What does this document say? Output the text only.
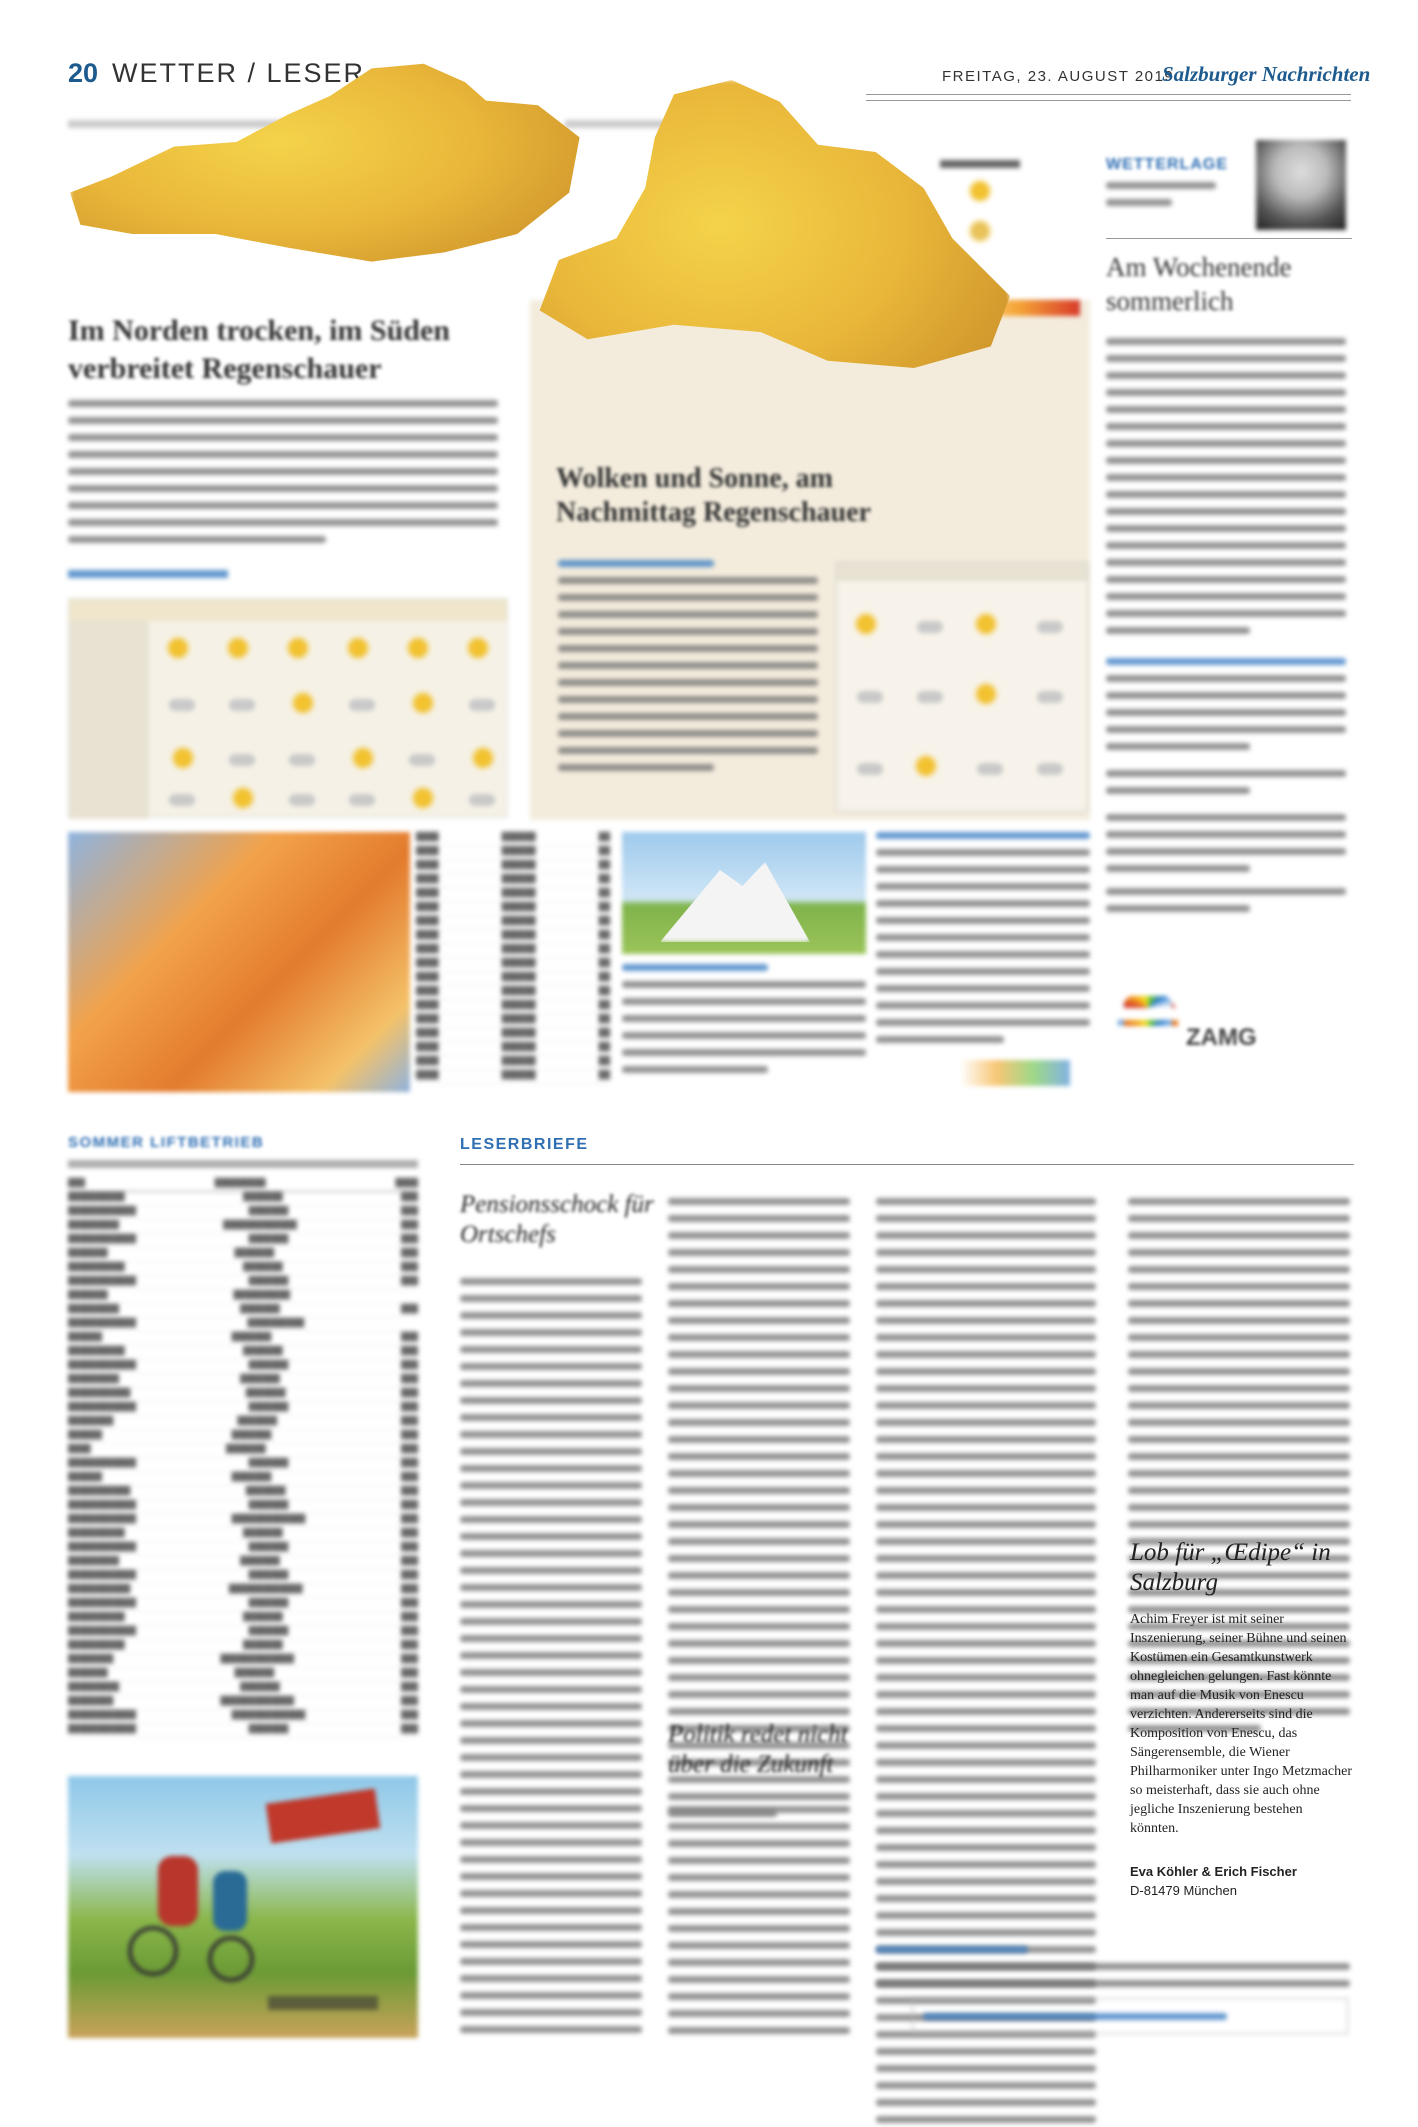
20 WETTER / LESER	FREITAG, 23. AUGUST 2019
Salzburger Nachrichten
Im Norden trocken, im Süden verbreitet Regenschauer
Wolken und Sonne, am Nachmittag Regenschauer
WETTERLAGE
Am Wochenende sommerlich
ZAMG
████	██████	██
████	██████	██
████	██████	██
████	██████	██
████	██████	██
████	██████	██
████	██████	██
████	██████	██
████	██████	██
████	██████	██
████	██████	██
████	██████	██
████	██████	██
████	██████	██
████	██████	██
████	██████	██
████	██████	██
████	██████	██
SOMMER LIFTBETRIEB
███	█████████	████
██████████	███████	███
████████████	███████	███
█████████	█████████████	███
████████████	███████	███
███████	███████	███
██████████	███████	███
████████████	███████	███
███████	██████████

█████████	███████	███
████████████	██████████

██████	███████	███
██████████	███████	███
████████████	███████	███
█████████	███████	███
███████████	███████	███
████████████	███████	███
████████	███████	███
██████	███████	███
████	███████	███
████████████	███████	███
██████	███████	███
███████████	███████	███
████████████	███████	███
████████████	█████████████	███
██████████	███████	███
████████████	███████	███
█████████	███████	███
████████████	███████	███
███████████	█████████████	███
████████████	███████	███
██████████	███████	███
████████████	███████	███
██████████	███████	███
████████	█████████████	███
███████	███████	███
█████████	███████	███
████████	█████████████	███
████████████	█████████████	███
████████████	███████	███
LESERBRIEFE
Pensionsschock für Ortschefs
Politik redet nicht über die Zukunft
Lob für „Œdipe“ in Salzburg
Achim Freyer ist mit seiner Inszenierung, seiner Bühne und seinen Kostümen ein Gesamtkunstwerk ohnegleichen gelungen. Fast könnte man auf die Musik von Enescu verzichten. Andererseits sind die Komposition von Enescu, das Sängerensemble, die Wiener Philharmoniker unter Ingo Metzmacher so meisterhaft, dass sie auch ohne jegliche Inszenierung bestehen könnten.
Eva Köhler & Erich Fischer
D-81479 München
